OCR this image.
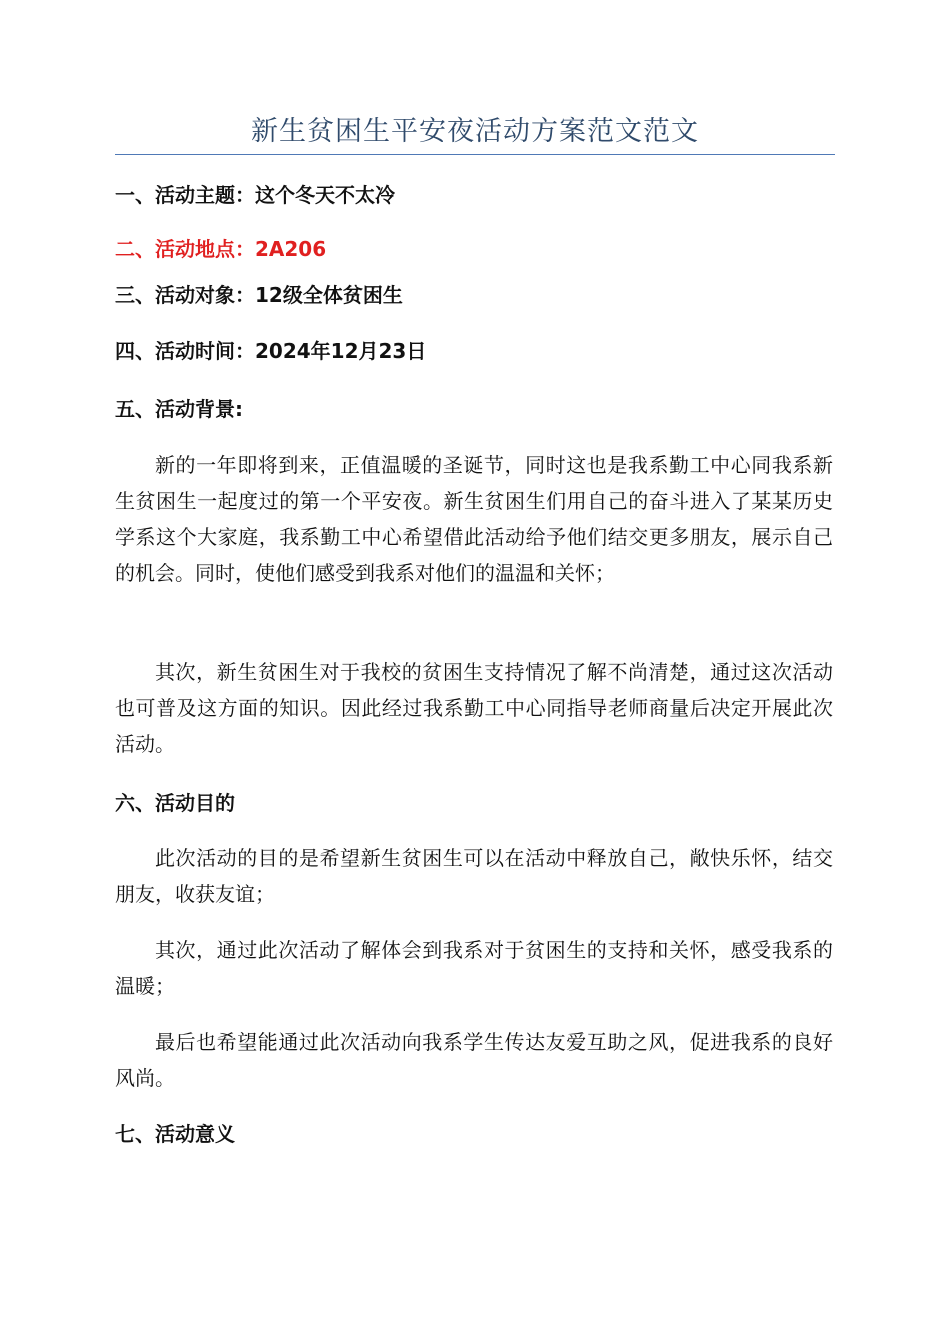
新生贫困生平安夜活动方案范文范文
一、活动主题：这个冬天不太冷
二、活动地点：2A206
三、活动对象：12级全体贫困生
四、活动时间：2024年12月23日
五、活动背景:
新的一年即将到来，正值温暖的圣诞节，同时这也是我系勤工中心同我系新生贫困生一起度过的第一个平安夜。新生贫困生们用自己的奋斗进入了某某历史学系这个大家庭，我系勤工中心希望借此活动给予他们结交更多朋友，展示自己的机会。同时，使他们感受到我系对他们的温温和关怀；
其次，新生贫困生对于我校的贫困生支持情况了解不尚清楚，通过这次活动也可普及这方面的知识。因此经过我系勤工中心同指导老师商量后决定开展此次活动。
六、活动目的
此次活动的目的是希望新生贫困生可以在活动中释放自己，敞快乐怀，结交朋友，收获友谊；
其次，通过此次活动了解体会到我系对于贫困生的支持和关怀，感受我系的温暖；
最后也希望能通过此次活动向我系学生传达友爱互助之风，促进我系的良好风尚。
七、活动意义
